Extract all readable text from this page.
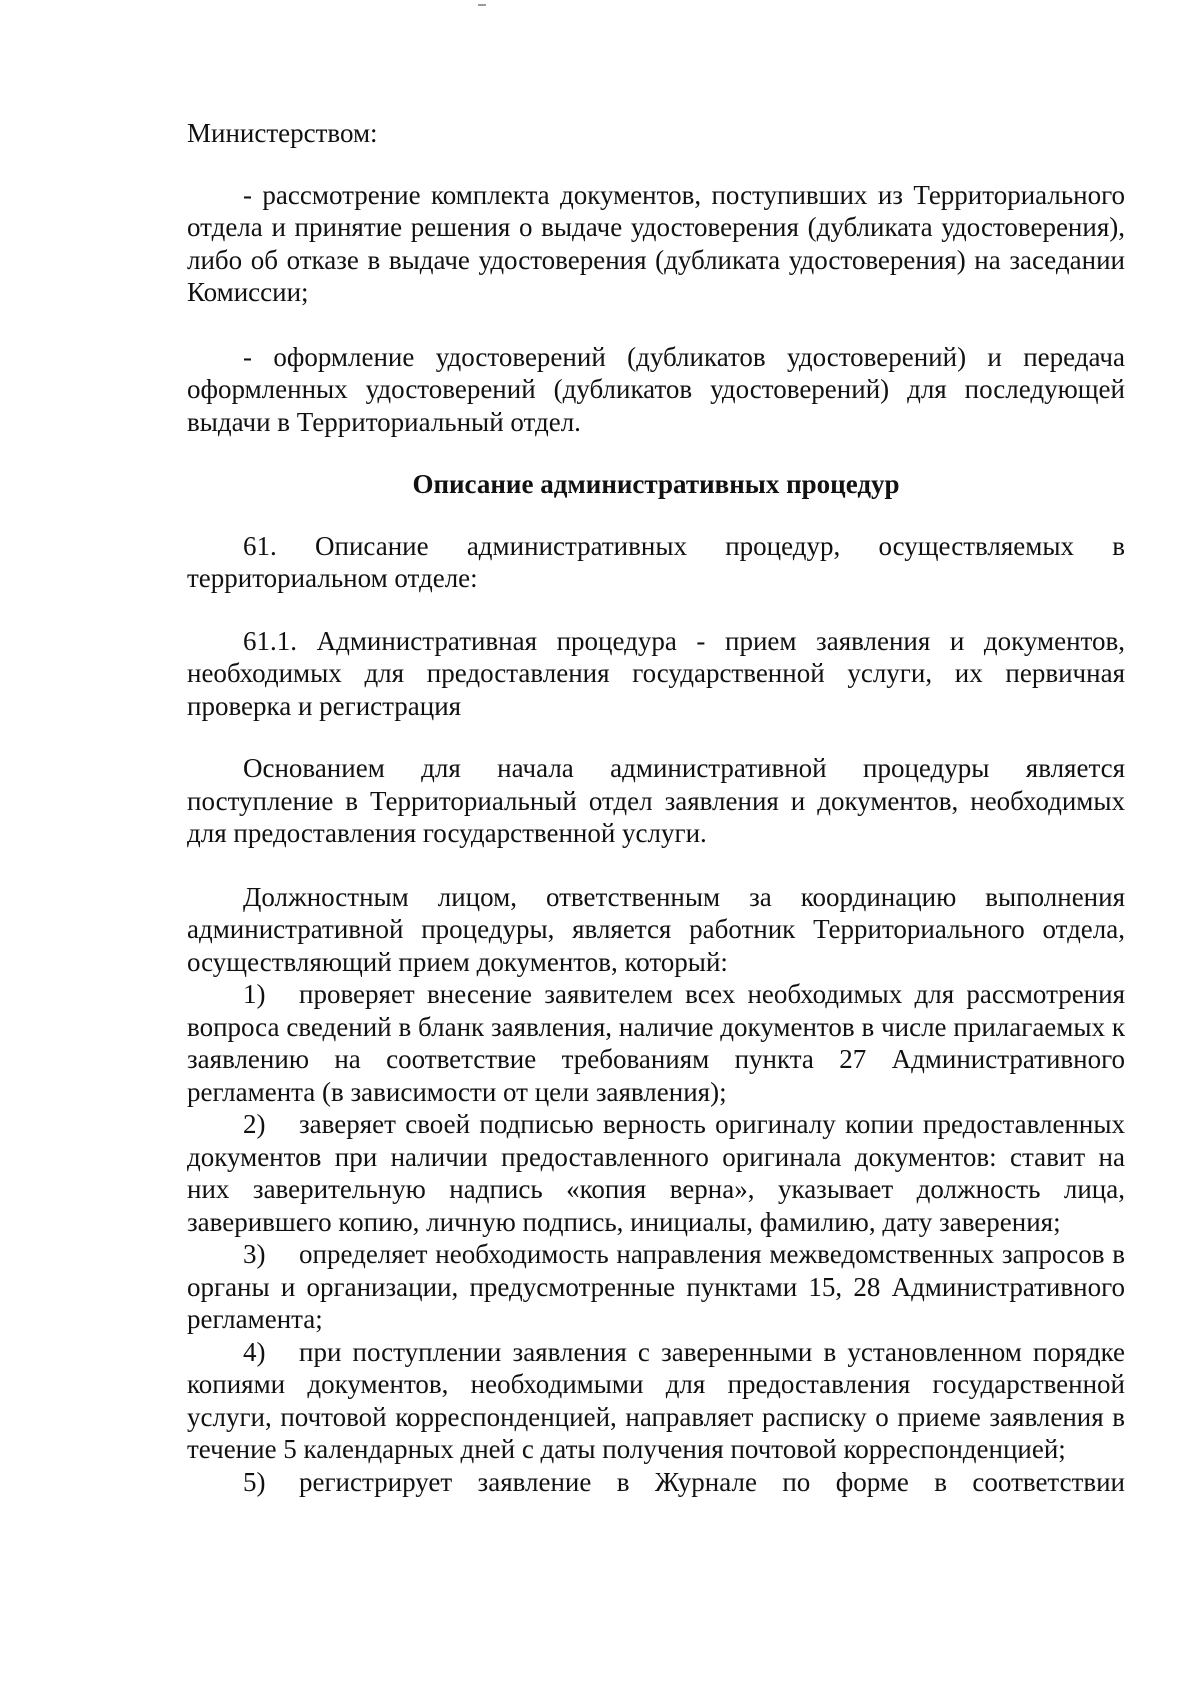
Министерством:

- рассмотрение комплекта документов, поступивших из Территориального отдела и принятие решения о выдаче удостоверения (дубликата удостоверения), либо об отказе в выдаче удостоверения (дубликата удостоверения) на заседании Комиссии;

- оформление удостоверений (дубликатов удостоверений) и передача оформленных удостоверений (дубликатов удостоверений) для последующей выдачи в Территориальный отдел.

Описание административных процедур

61. Описание административных процедур, осуществляемых в территориальном отделе:

61.1. Административная процедура - прием заявления и документов, необходимых для предоставления государственной услуги, их первичная проверка и регистрация

Основанием для начала административной процедуры является поступление в Территориальный отдел заявления и документов, необходимых для предоставления государственной услуги.

Должностным лицом, ответственным за координацию выполнения административной процедуры, является работник Территориального отдела, осуществляющий прием документов, который:

1) проверяет внесение заявителем всех необходимых для рассмотрения вопроса сведений в бланк заявления, наличие документов в числе прилагаемых к заявлению на соответствие требованиям пункта 27 Административного регламента (в зависимости от цели заявления);

2) заверяет своей подписью верность оригиналу копии предоставленных документов при наличии предоставленного оригинала документов: ставит на них заверительную надпись «копия верна», указывает должность лица, заверившего копию, личную подпись, инициалы, фамилию, дату заверения;

3) определяет необходимость направления межведомственных запросов в органы и организации, предусмотренные пунктами 15, 28 Административного регламента;

4) при поступлении заявления с заверенными в установленном порядке копиями документов, необходимыми для предоставления государственной услуги, почтовой корреспонденцией, направляет расписку о приеме заявления в течение 5 календарных дней с даты получения почтовой корреспонденцией;

5) регистрирует заявление в Журнале по форме в соответствии
